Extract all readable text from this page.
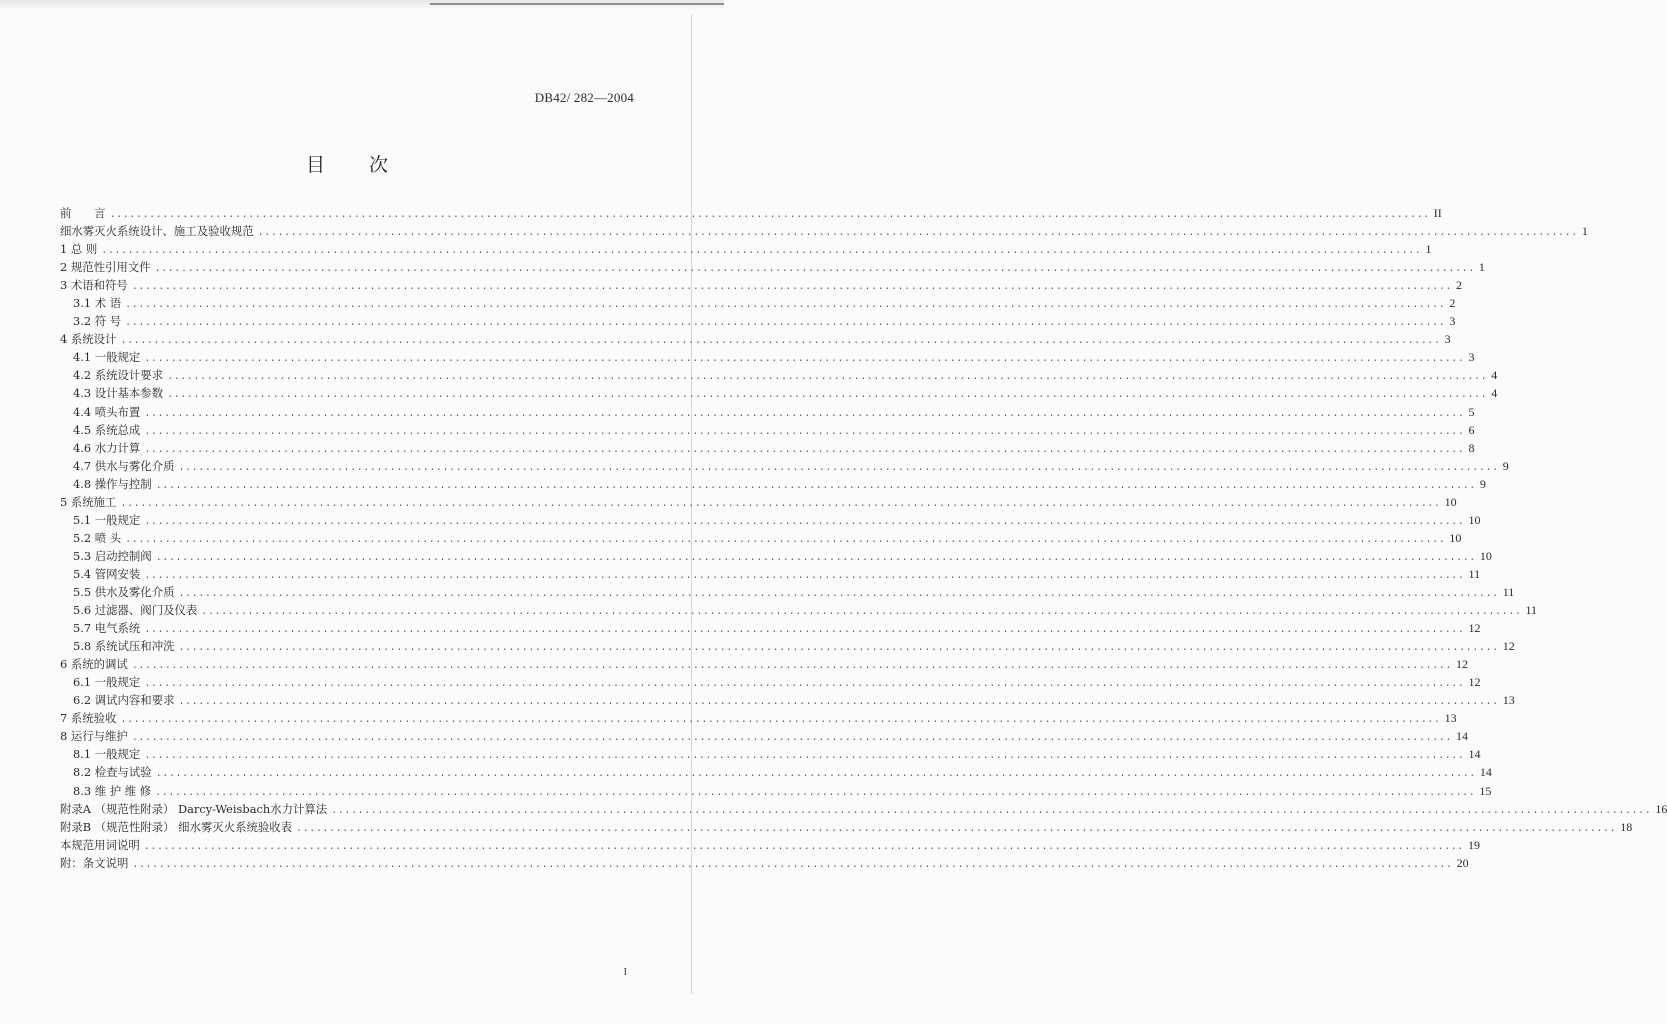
DB42/ 282—2004
目次
前　　言 ........................................................................................................................................................................................................ II
细水雾灭火系统设计、施工及验收规范 ........................................................................................................................................................................................................ 1
1 总 则 ........................................................................................................................................................................................................ 1
2 规范性引用文件 ........................................................................................................................................................................................................ 1
3 术语和符号 ........................................................................................................................................................................................................ 2
3.1 术 语 ........................................................................................................................................................................................................ 2
3.2 符 号 ........................................................................................................................................................................................................ 3
4 系统设计 ........................................................................................................................................................................................................ 3
4.1 一般规定 ........................................................................................................................................................................................................ 3
4.2 系统设计要求 ........................................................................................................................................................................................................ 4
4.3 设计基本参数 ........................................................................................................................................................................................................ 4
4.4 喷头布置 ........................................................................................................................................................................................................ 5
4.5 系统总成 ........................................................................................................................................................................................................ 6
4.6 水力计算 ........................................................................................................................................................................................................ 8
4.7 供水与雾化介质 ........................................................................................................................................................................................................ 9
4.8 操作与控制 ........................................................................................................................................................................................................ 9
5 系统施工 ........................................................................................................................................................................................................ 10
5.1 一般规定 ........................................................................................................................................................................................................ 10
5.2 喷 头 ........................................................................................................................................................................................................ 10
5.3 启动控制阀 ........................................................................................................................................................................................................ 10
5.4 管网安装 ........................................................................................................................................................................................................ 11
5.5 供水及雾化介质 ........................................................................................................................................................................................................ 11
5.6 过滤器、阀门及仪表 ........................................................................................................................................................................................................ 11
5.7 电气系统 ........................................................................................................................................................................................................ 12
5.8 系统试压和冲洗 ........................................................................................................................................................................................................ 12
6 系统的调试 ........................................................................................................................................................................................................ 12
6.1 一般规定 ........................................................................................................................................................................................................ 12
6.2 调试内容和要求 ........................................................................................................................................................................................................ 13
7 系统验收 ........................................................................................................................................................................................................ 13
8 运行与维护 ........................................................................................................................................................................................................ 14
8.1 一般规定 ........................................................................................................................................................................................................ 14
8.2 检查与试验 ........................................................................................................................................................................................................ 14
8.3 维 护 维 修 ........................................................................................................................................................................................................ 15
附录A （规范性附录） Darcy-Weisbach水力计算法 ........................................................................................................................................................................................................ 16
附录B （规范性附录） 细水雾灭火系统验收表 ........................................................................................................................................................................................................ 18
本规范用词说明 ........................................................................................................................................................................................................ 19
附：条文说明 ........................................................................................................................................................................................................ 20
I
